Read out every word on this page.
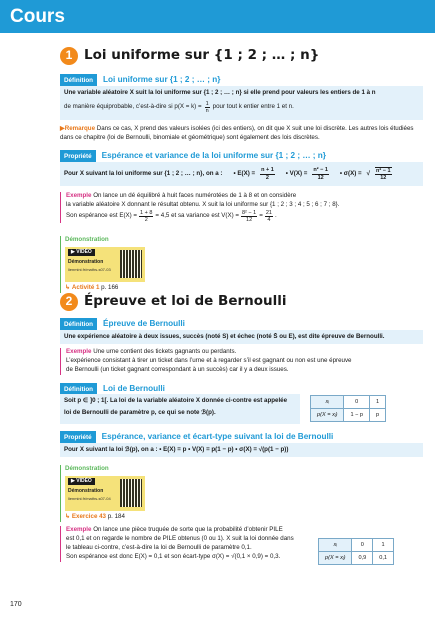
Cours
1 Loi uniforme sur {1 ; 2 ; … ; n}
Définition	Loi uniforme sur {1 ; 2 ; … ; n}
Une variable aléatoire X suit la loi uniforme sur {1 ; 2 ; … ; n} si elle prend pour valeurs les entiers de 1 à n
de manière équiprobable, c’est-à-dire si $p(X = k) = \frac{1}{n}$ pour tout k entier entre 1 et n.
▶Remarque Dans ce cas, X prend des valeurs isolées (ici des entiers), on dit que X suit une loi discrète. Les autres lois étudiées dans ce chapitre (loi de Bernoulli, binomiale et géométrique) sont également des lois discrètes.
Propriété	Espérance et variance de la loi uniforme sur {1 ; 2 ; … ; n}
Pour X suivant la loi uniforme sur {1 ; 2 ; … ; n}, on a : • $E(X) = \frac{n + 1}{2}$ • $V(X) = \frac{\text{n² − 1}}{12}$ • σ(X) = √ $\frac{\text{n² − 1}}{12}$
Exemple On lance un dé équilibré à huit faces numérotées de 1 à 8 et on considère
la variable aléatoire X donnant le résultat obtenu. X suit la loi uniforme sur {1 ; 2 ; 3 ; 4 ; 5 ; 6 ; 7 ; 8}.
Son espérance est $E(X) = \frac{1 + 8}{2} = 4,5$ et sa variance est $V(X) = \frac{\text{8² − 1}}{12} = \frac{21}{4}$ .
Démonstration
▶ VIDÉO
Démonstration
lienmini.fr/maths-s07-03
↳ Activité 1 p. 166
2 Épreuve et loi de Bernoulli
Définition	Épreuve de Bernoulli
Une expérience aléatoire à deux issues, succès (noté S) et échec (noté S̄ ou E), est dite épreuve de Bernoulli.
Exemple Une urne contient des tickets gagnants ou perdants.
L’expérience consistant à tirer un ticket dans l’urne et à regarder s’il est gagnant ou non est une épreuve
de Bernoulli (un ticket gagnant correspondant à un succès) car il y a deux issues.
Définition	Loi de Bernoulli
Soit p ∈ ]0 ; 1[. La loi de la variable aléatoire X donnée ci-contre est appelée
loi de Bernoulli de paramètre p, ce qui se note ℬ(p).
xᵢ	0	1
p(X = xᵢ)	1 − p	p
Propriété	Espérance, variance et écart-type suivant la loi de Bernoulli
Pour X suivant la loi ℬ(p), on a : • E(X) = p • V(X) = p(1 − p) • σ(X) = √(p(1 − p))
Démonstration
▶ VIDÉO
Démonstration
lienmini.fr/maths-s07-04
↳ Exercice 43 p. 184
Exemple On lance une pièce truquée de sorte que la probabilité d’obtenir PILE
est 0,1 et on regarde le nombre de PILE obtenus (0 ou 1). X suit la loi donnée dans
le tableau ci-contre, c’est-à-dire la loi de Bernoulli de paramètre 0,1.
Son espérance est donc E(X) = 0,1 et son écart-type σ(X) = √(0,1 × 0,9) = 0,3.
xᵢ	0	1
p(X = xᵢ)	0,9	0,1
170
